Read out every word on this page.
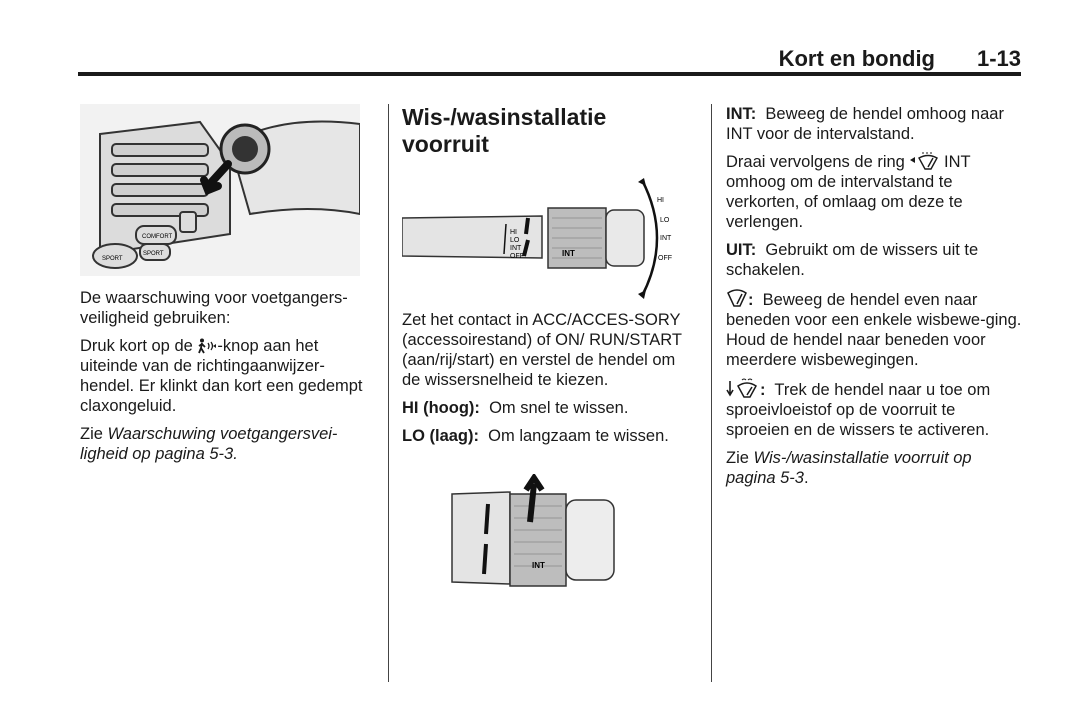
Kort en bondig 1-13
SPORT
COMFORT
SPORT

De waarschuwing voor voetgangers-veiligheid gebruiken:

Druk kort op de -knop aan het uiteinde van de richtingaanwijzer-hendel. Er klinkt dan kort een gedempt claxongeluid.

Zie Waarschuwing voetgangersvei-ligheid op pagina 5-3.

Wis-/wasinstallatie voorruit
HI
LO
INT
OFF	INT
HI
LO
INT
OFF

Zet het contact in ACC/ACCES-SORY (accessoirestand) of ON/ RUN/START (aan/rij/start) en verstel de hendel om de wissersnelheid te kiezen.

HI (hoog): Om snel te wissen.

LO (laag): Om langzaam te wissen.

INT

INT: Beweeg de hendel omhoog naar INT voor de intervalstand.

Draai vervolgens de ring INT omhoog om de intervalstand te verkorten, of omlaag om deze te verlengen.

UIT: Gebruikt om de wissers uit te schakelen.

: Beweeg de hendel even naar beneden voor een enkele wisbewe-ging. Houd de hendel naar beneden voor meerdere wisbewegingen.

: Trek de hendel naar u toe om sproeivloeistof op de voorruit te sproeien en de wissers te activeren.

Zie Wis-/wasinstallatie voorruit op pagina 5-3.
